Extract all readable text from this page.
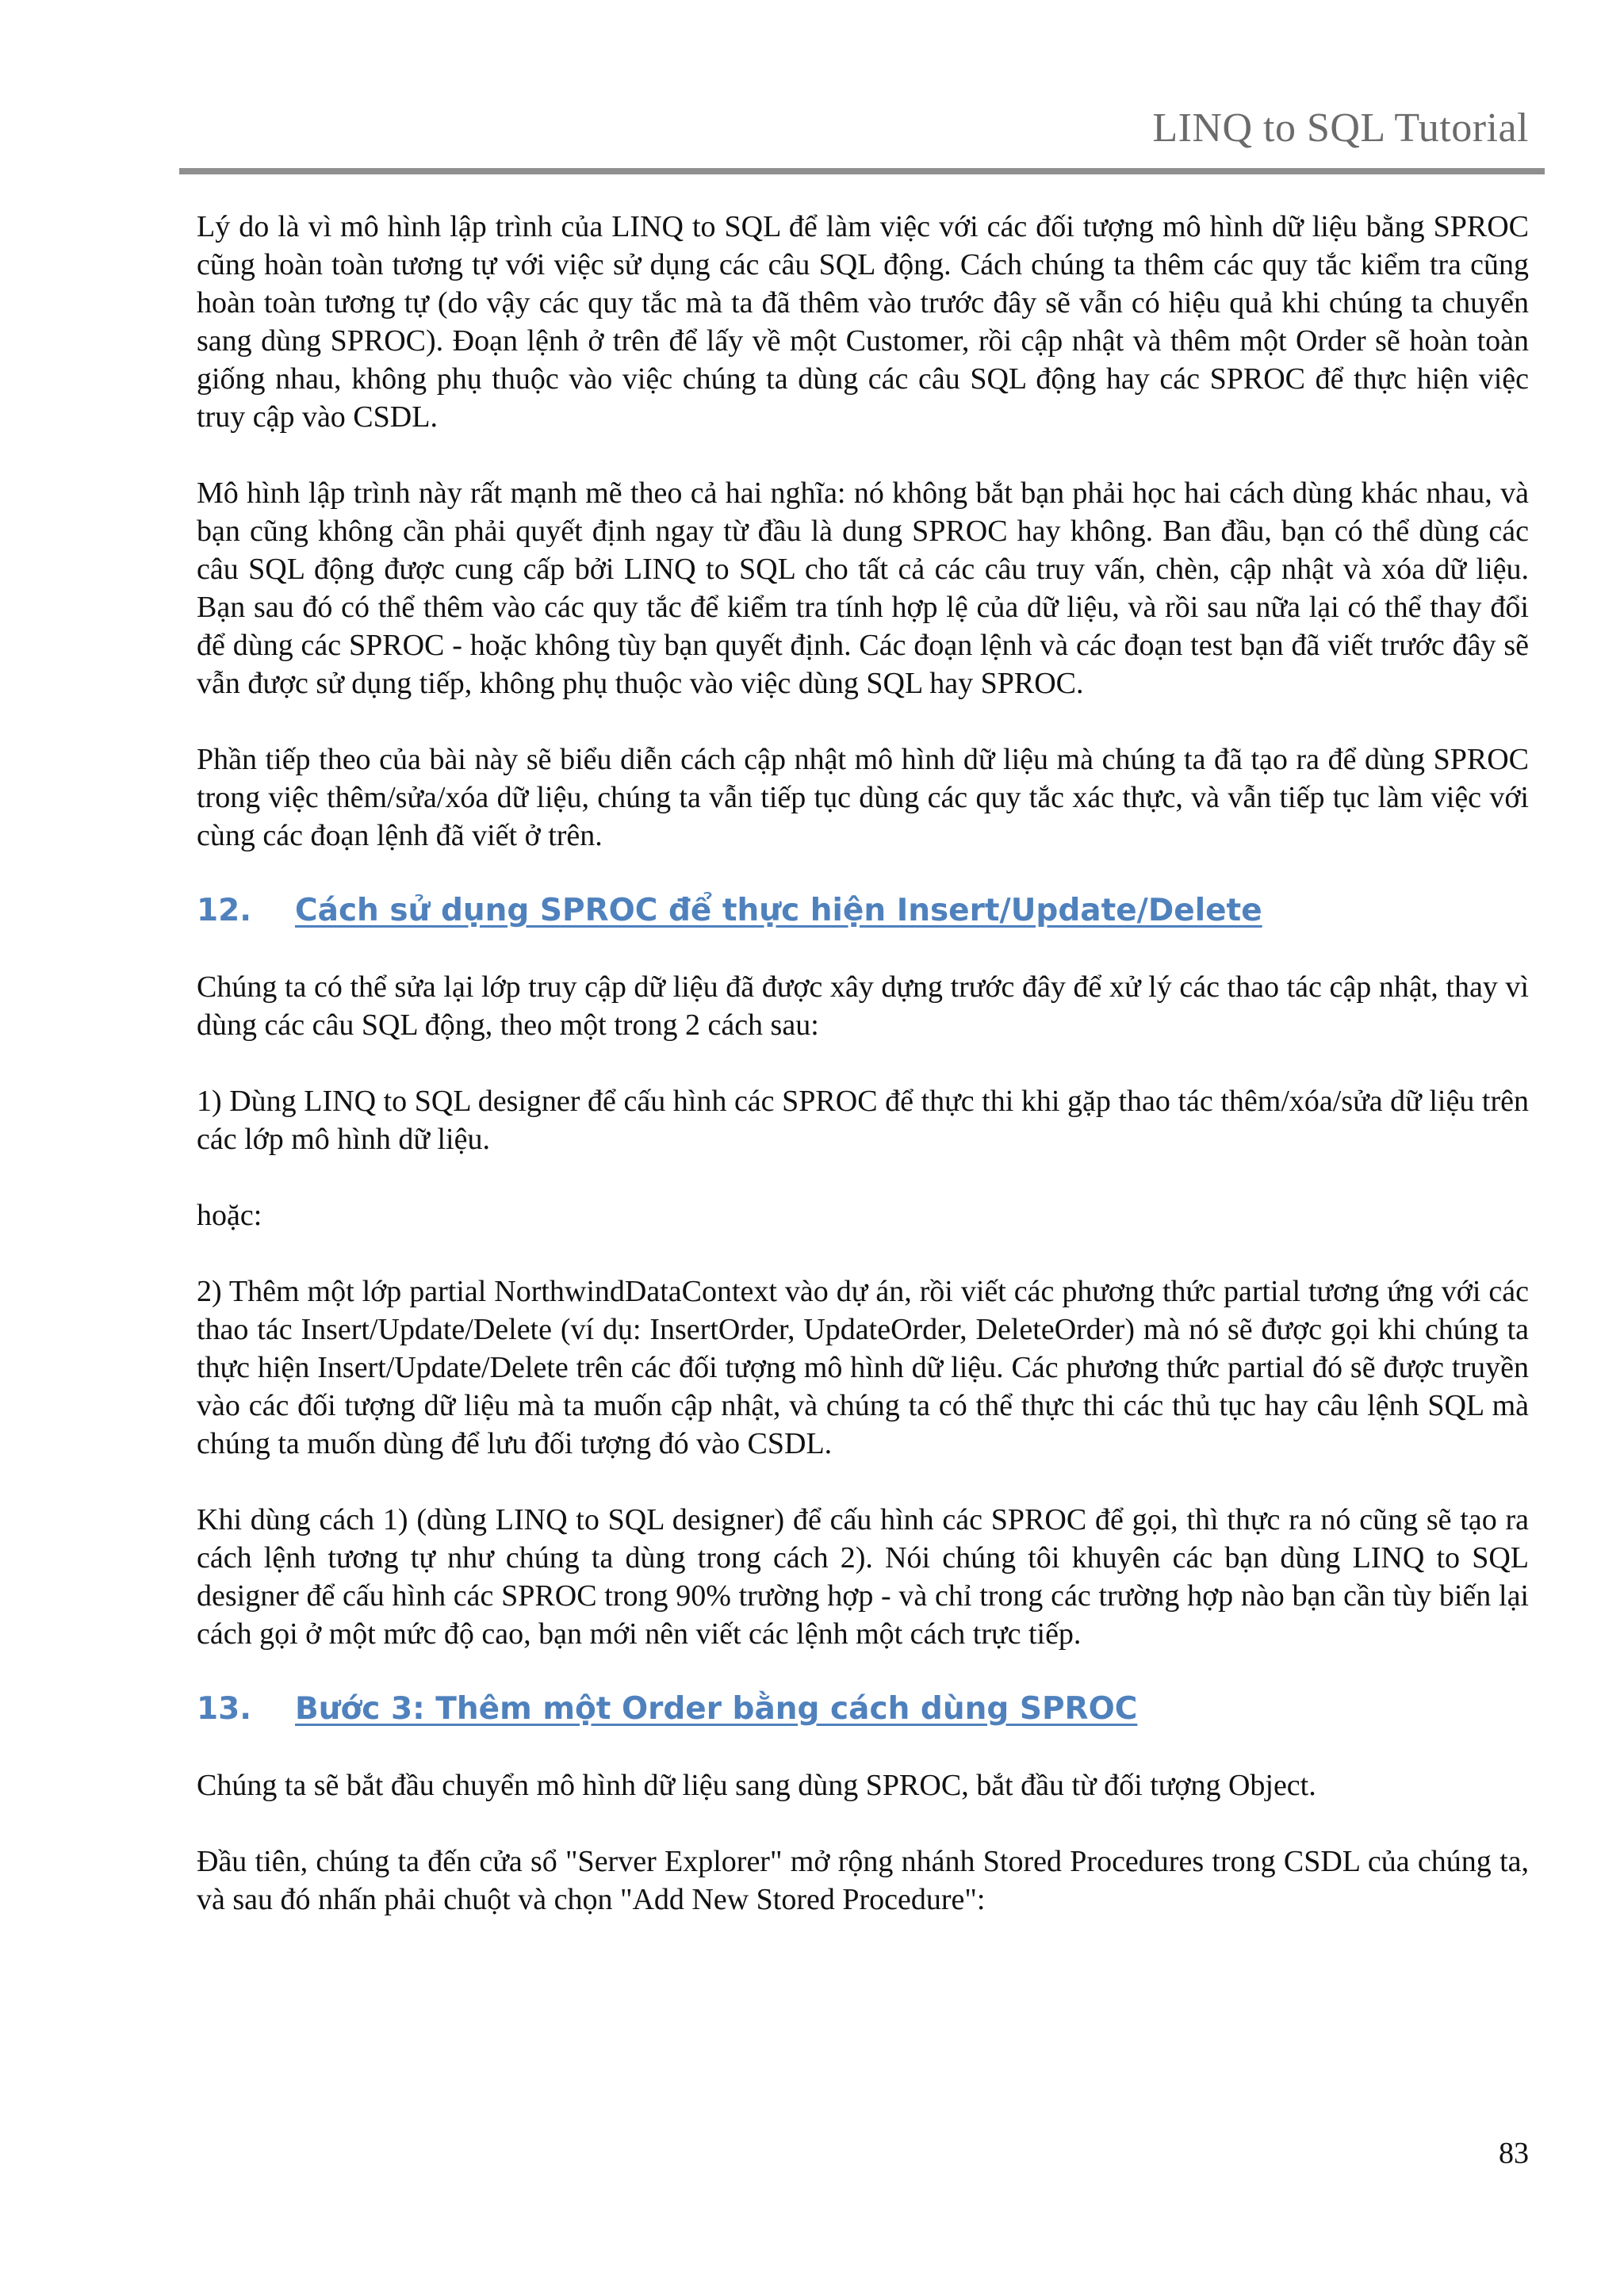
LINQ to SQL Tutorial

Lý do là vì mô hình lập trình của LINQ to SQL để làm việc với các đối tượng mô hình dữ liệu bằng SPROC cũng hoàn toàn tương tự với việc sử dụng các câu SQL động. Cách chúng ta thêm các quy tắc kiểm tra cũng hoàn toàn tương tự (do vậy các quy tắc mà ta đã thêm vào trước đây sẽ vẫn có hiệu quả khi chúng ta chuyển sang dùng SPROC). Đoạn lệnh ở trên để lấy về một Customer, rồi cập nhật và thêm một Order sẽ hoàn toàn giống nhau, không phụ thuộc vào việc chúng ta dùng các câu SQL động hay các SPROC để thực hiện việc truy cập vào CSDL.

Mô hình lập trình này rất mạnh mẽ theo cả hai nghĩa: nó không bắt bạn phải học hai cách dùng khác nhau, và bạn cũng không cần phải quyết định ngay từ đầu là dung SPROC hay không. Ban đầu, bạn có thể dùng các câu SQL động được cung cấp bởi LINQ to SQL cho tất cả các câu truy vấn, chèn, cập nhật và xóa dữ liệu. Bạn sau đó có thể thêm vào các quy tắc để kiểm tra tính hợp lệ của dữ liệu, và rồi sau nữa lại có thể thay đổi để dùng các SPROC - hoặc không tùy bạn quyết định. Các đoạn lệnh và các đoạn test bạn đã viết trước đây sẽ vẫn được sử dụng tiếp, không phụ thuộc vào việc dùng SQL hay SPROC.

Phần tiếp theo của bài này sẽ biểu diễn cách cập nhật mô hình dữ liệu mà chúng ta đã tạo ra để dùng SPROC trong việc thêm/sửa/xóa dữ liệu, chúng ta vẫn tiếp tục dùng các quy tắc xác thực, và vẫn tiếp tục làm việc với cùng các đoạn lệnh đã viết ở trên.

12.	Cách sử dụng SPROC để thực hiện Insert/Update/Delete

Chúng ta có thể sửa lại lớp truy cập dữ liệu đã được xây dựng trước đây để xử lý các thao tác cập nhật, thay vì dùng các câu SQL động, theo một trong 2 cách sau:

1) Dùng LINQ to SQL designer để cấu hình các SPROC để thực thi khi gặp thao tác thêm/xóa/sửa dữ liệu trên các lớp mô hình dữ liệu.

hoặc:

2) Thêm một lớp partial NorthwindDataContext vào dự án, rồi viết các phương thức partial tương ứng với các thao tác Insert/Update/Delete (ví dụ: InsertOrder, UpdateOrder, DeleteOrder) mà nó sẽ được gọi khi chúng ta thực hiện Insert/Update/Delete trên các đối tượng mô hình dữ liệu. Các phương thức partial đó sẽ được truyền vào các đối tượng dữ liệu mà ta muốn cập nhật, và chúng ta có thể thực thi các thủ tục hay câu lệnh SQL mà chúng ta muốn dùng để lưu đối tượng đó vào CSDL.

Khi dùng cách 1) (dùng LINQ to SQL designer) để cấu hình các SPROC để gọi, thì thực ra nó cũng sẽ tạo ra cách lệnh tương tự như chúng ta dùng trong cách 2). Nói chúng tôi khuyên các bạn dùng LINQ to SQL designer để cấu hình các SPROC trong 90% trường hợp - và chỉ trong các trường hợp nào bạn cần tùy biến lại cách gọi ở một mức độ cao, bạn mới nên viết các lệnh một cách trực tiếp.

13.	Bước 3: Thêm một Order bằng cách dùng SPROC

Chúng ta sẽ bắt đầu chuyển mô hình dữ liệu sang dùng SPROC, bắt đầu từ đối tượng Object.

Đầu tiên, chúng ta đến cửa sổ "Server Explorer" mở rộng nhánh Stored Procedures trong CSDL của chúng ta, và sau đó nhấn phải chuột và chọn "Add New Stored Procedure":

83
